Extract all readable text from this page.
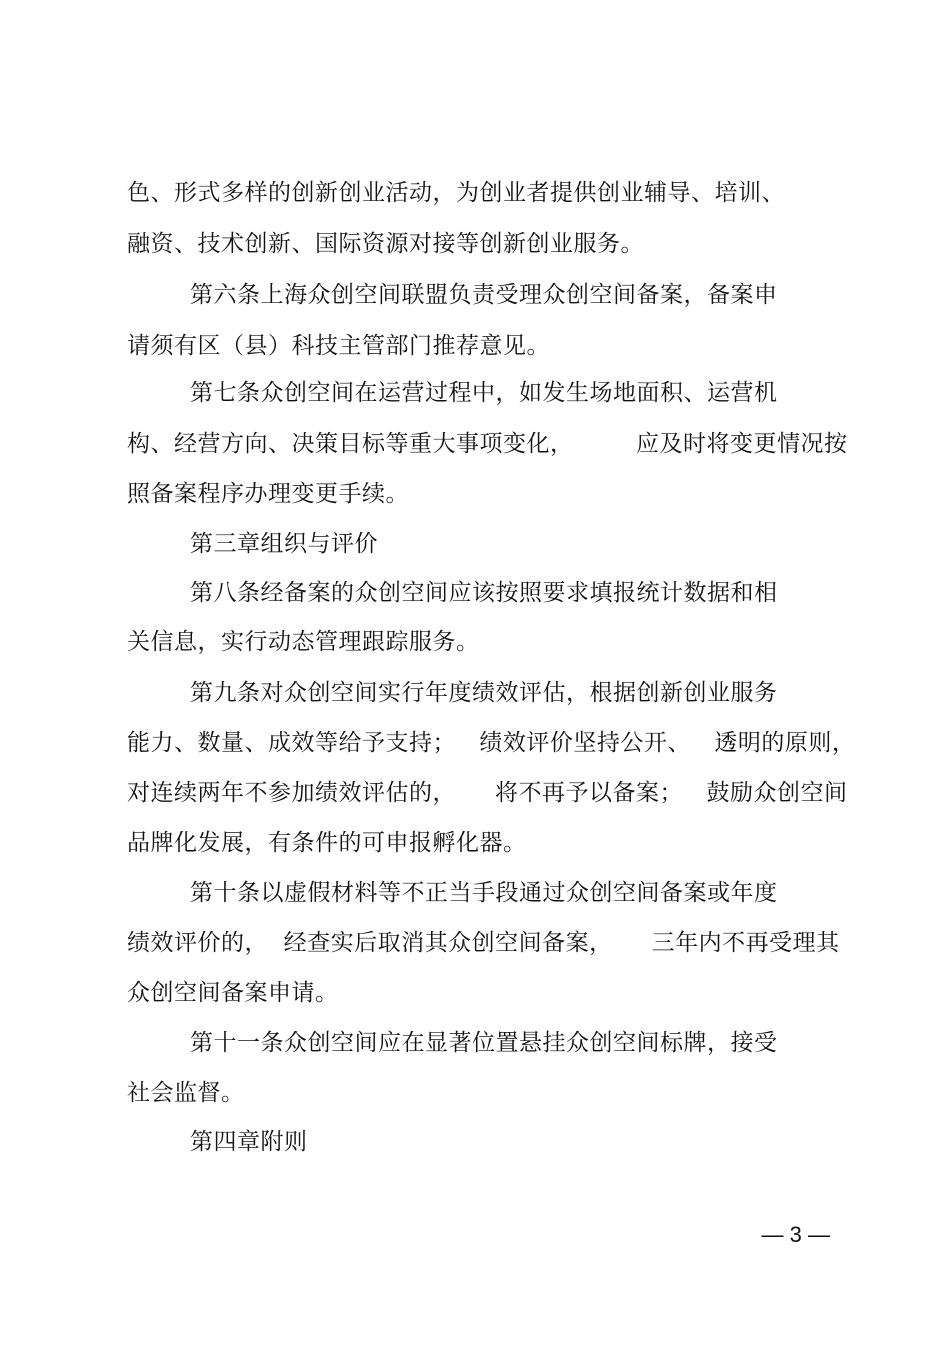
色、形式多样的创新创业活动，为创业者提供创业辅导、培训、
融资、技术创新、国际资源对接等创新创业服务。
第六条上海众创空间联盟负责受理众创空间备案，备案申
请须有区（县）科技主管部门推荐意见。
第七条众创空间在运营过程中，如发生场地面积、运营机
构、经营方向、决策目标等重大事项变化，        应及时将变更情况按
照备案程序办理变更手续。
第三章组织与评价
第八条经备案的众创空间应该按照要求填报统计数据和相
关信息，实行动态管理跟踪服务。
第九条对众创空间实行年度绩效评估，根据创新创业服务
能力、数量、成效等给予支持；   绩效评价坚持公开、   透明的原则，
对连续两年不参加绩效评估的，     将不再予以备案；   鼓励众创空间
品牌化发展，有条件的可申报孵化器。
第十条以虚假材料等不正当手段通过众创空间备案或年度
绩效评价的，  经查实后取消其众创空间备案，     三年内不再受理其
众创空间备案申请。
第十一条众创空间应在显著位置悬挂众创空间标牌，接受
社会监督。
第四章附则
— 3 —
